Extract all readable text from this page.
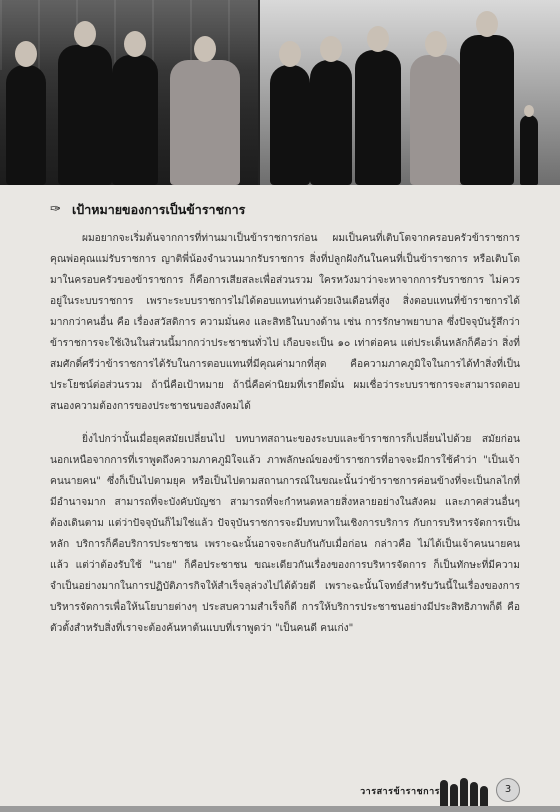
✑ เป้าหมายของการเป็นข้าราชการ

ผมอยากจะเริ่มต้นจากการที่ท่านมาเป็นข้าราชการก่อน ผมเป็นคนที่เติบโตจากครอบครัวข้าราชการ คุณพ่อคุณแม่รับราชการ ญาติพี่น้องจำนวนมากรับราชการ สิ่งที่ปลูกฝังกันในคนที่เป็นข้าราชการ หรือเติบโตมาในครอบครัวของข้าราชการ ก็คือการเสียสละเพื่อส่วนรวม ใครหวังมาว่าจะหาจากการรับราชการ ไม่ควรอยู่ในระบบราชการ เพราะระบบราชการไม่ได้ตอบแทนท่านด้วยเงินเดือนที่สูง สิ่งตอบแทนที่ข้าราชการได้มากกว่าคนอื่น คือ เรื่องสวัสดิการ ความมั่นคง และสิทธิในบางด้าน เช่น การรักษาพยาบาล ซึ่งปัจจุบันรู้สึกว่าข้าราชการจะใช้เงินในส่วนนี้มากกว่าประชาชนทั่วไป เกือบจะเป็น ๑๐ เท่าต่อคน แต่ประเด็นหลักก็คือว่า สิ่งที่สมศักดิ์ศรีว่าข้าราชการได้รับในการตอบแทนที่มีคุณค่ามากที่สุด คือความภาคภูมิใจในการได้ทำสิ่งที่เป็นประโยชน์ต่อส่วนรวม ถ้านี่คือเป้าหมาย ถ้านี่คือค่านิยมที่เรายึดมั่น ผมเชื่อว่าระบบราชการจะสามารถตอบสนองความต้องการของประชาชนของสังคมได้

ยิ่งไปกว่านั้นเมื่อยุคสมัยเปลี่ยนไป บทบาทสถานะของระบบและข้าราชการก็เปลี่ยนไปด้วย สมัยก่อนนอกเหนือจากการที่เราพูดถึงความภาคภูมิใจแล้ว ภาพลักษณ์ของข้าราชการที่อาจจะมีการใช้คำว่า "เป็นเจ้าคนนายคน" ซึ่งก็เป็นไปตามยุค หรือเป็นไปตามสถานการณ์ในขณะนั้นว่าข้าราชการค่อนข้างที่จะเป็นกลไกที่มีอำนาจมาก สามารถที่จะบังคับบัญชา สามารถที่จะกำหนดหลายสิ่งหลายอย่างในสังคม และภาคส่วนอื่นๆ ต้องเดินตาม แต่ว่าปัจจุบันก็ไม่ใช่แล้ว ปัจจุบันราชการจะมีบทบาทในเชิงการบริการ กับการบริหารจัดการเป็นหลัก บริการก็คือบริการประชาชน เพราะฉะนั้นอาจจะกลับกันกับเมื่อก่อน กล่าวคือ ไม่ได้เป็นเจ้าคนนายคนแล้ว แต่ว่าต้องรับใช้ "นาย" ก็คือประชาชน ขณะเดียวกันเรื่องของการบริหารจัดการ ก็เป็นทักษะที่มีความจำเป็นอย่างมากในการปฏิบัติภารกิจให้สำเร็จลุล่วงไปได้ด้วยดี เพราะฉะนั้นโจทย์สำหรับวันนี้ในเรื่องของการบริหารจัดการเพื่อให้นโยบายต่างๆ ประสบความสำเร็จก็ดี การให้บริการประชาชนอย่างมีประสิทธิภาพก็ดี คือตัวตั้งสำหรับสิ่งที่เราจะต้องค้นหาต้นแบบที่เราพูดว่า "เป็นคนดี คนเก่ง"

วารสารข้าราชการ	3
